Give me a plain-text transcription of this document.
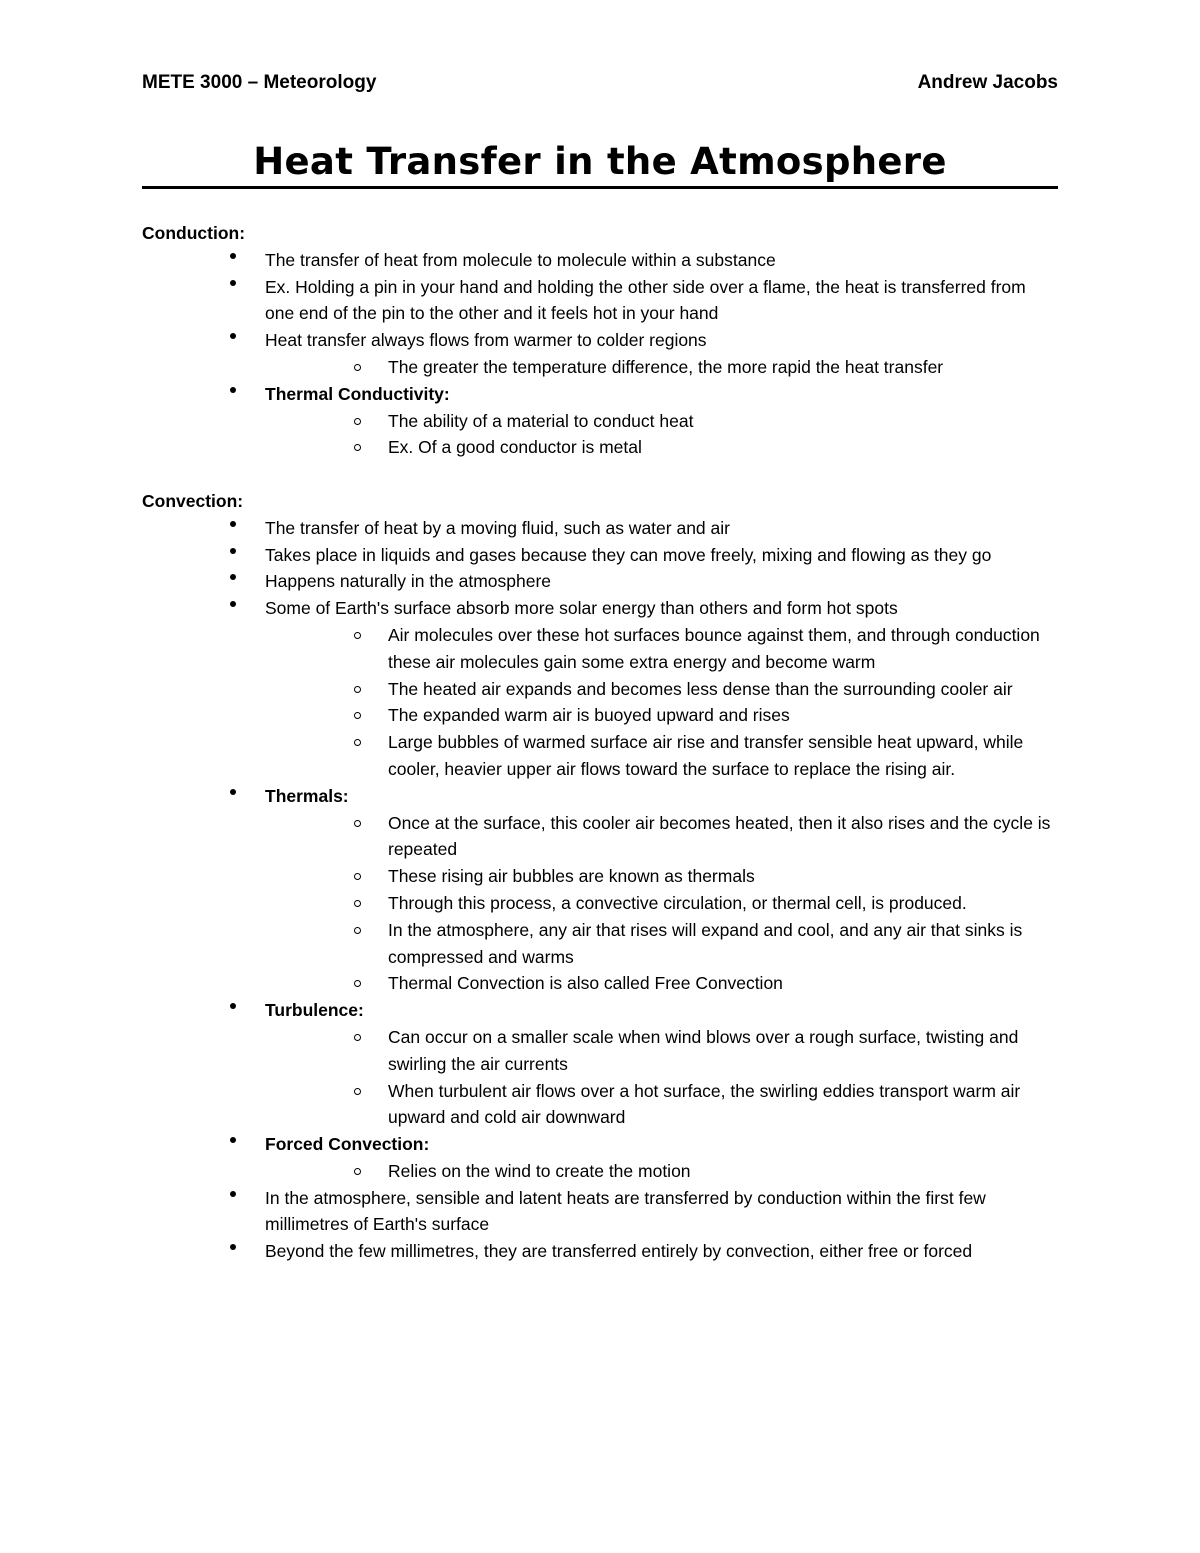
METE 3000 – Meteorology	Andrew Jacobs
Heat Transfer in the Atmosphere
Conduction:
The transfer of heat from molecule to molecule within a substance
Ex. Holding a pin in your hand and holding the other side over a flame, the heat is transferred from one end of the pin to the other and it feels hot in your hand
Heat transfer always flows from warmer to colder regions
The greater the temperature difference, the more rapid the heat transfer
Thermal Conductivity:
The ability of a material to conduct heat
Ex. Of a good conductor is metal
Convection:
The transfer of heat by a moving fluid, such as water and air
Takes place in liquids and gases because they can move freely, mixing and flowing as they go
Happens naturally in the atmosphere
Some of Earth's surface absorb more solar energy than others and form hot spots
Air molecules over these hot surfaces bounce against them, and through conduction these air molecules gain some extra energy and become warm
The heated air expands and becomes less dense than the surrounding cooler air
The expanded warm air is buoyed upward and rises
Large bubbles of warmed surface air rise and transfer sensible heat upward, while cooler, heavier upper air flows toward the surface to replace the rising air.
Thermals:
Once at the surface, this cooler air becomes heated, then it also rises and the cycle is repeated
These rising air bubbles are known as thermals
Through this process, a convective circulation, or thermal cell, is produced.
In the atmosphere, any air that rises will expand and cool, and any air that sinks is compressed and warms
Thermal Convection is also called Free Convection
Turbulence:
Can occur on a smaller scale when wind blows over a rough surface, twisting and swirling the air currents
When turbulent air flows over a hot surface, the swirling eddies transport warm air upward and cold air downward
Forced Convection:
Relies on the wind to create the motion
In the atmosphere, sensible and latent heats are transferred by conduction within the first few millimetres of Earth's surface
Beyond the few millimetres, they are transferred entirely by convection, either free or forced
